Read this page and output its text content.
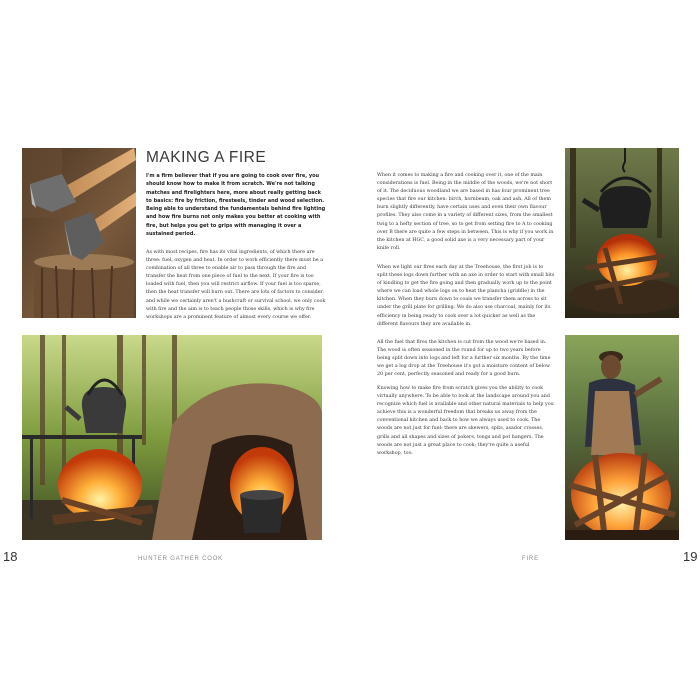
MAKING A FIRE

I'm a firm believer that if you are going to cook over fire, you should know how to make it from scratch. We're not talking matches and firelighters here, more about really getting back to basics: fire by friction, firesteels, tinder and wood selection. Being able to understand the fundamentals behind fire lighting and how fire burns not only makes you better at cooking with fire, but helps you get to grips with managing it over a sustained period.

As with most recipes, fire has its vital ingredients, of which there are three: fuel, oxygen and heat. In order to work efficiently there must be a combination of all three to enable air to pass through the fire and transfer the heat from one piece of fuel to the next. If your fire is too loaded with fuel, then you will restrict airflow. If your fuel is too sparse, then the heat transfer will burn out. There are lots of factors to consider, and while we certainly aren't a bushcraft or survival school, we only cook with fire and the aim is to teach people those skills, which is why fire workshops are a prominent feature of almost every course we offer.

When it comes to making a fire and cooking over it, one of the main considerations is fuel. Being in the middle of the woods, we're not short of it. The deciduous woodland we are based in has four prominent tree species that fire our kitchen: birch, hornbeam, oak and ash. All of them burn slightly differently, have certain uses and even their own flavour profiles. They also come in a variety of different sizes, from the smallest twig to a hefty section of tree, so to get from setting fire to A to cooking over B there are quite a few steps in between. This is why if you work in the kitchen at HGC, a good solid axe is a very necessary part of your knife roll.

When we light our fires each day at the Treehouse, the first job is to split these logs down further with an axe in order to start with small bits of kindling to get the fire going and then gradually work up to the point where we can load whole logs on to heat the plancha (griddle) in the kitchen. When they burn down to coals we transfer them across to sit under the grill plate for grilling. We do also use charcoal, mainly for its efficiency in being ready to cook over a lot quicker as well as the different flavours they are available in.

All the fuel that fires the kitchen is cut from the wood we're based in. The wood is often seasoned in the round for up to two years before being split down into logs and left for a further six months. By the time we get a log drop at the Treehouse it's got a moisture content of below 20 per cent, perfectly seasoned and ready for a good burn.

Knowing how to make fire from scratch gives you the ability to cook virtually anywhere. To be able to look at the landscape around you and recognize which fuel is available and other natural materials to help you achieve this is a wonderful freedom that breaks us away from the conventional kitchen and back to how we always used to cook. The woods are not just for fuel: there are skewers, spits, asador crosses, grills and all shapes and sizes of pokers, tongs and pot hangers. The woods are not just a great place to cook; they're quite a useful workshop, too.

18	HUNTER GATHER COOK	FIRE	19
